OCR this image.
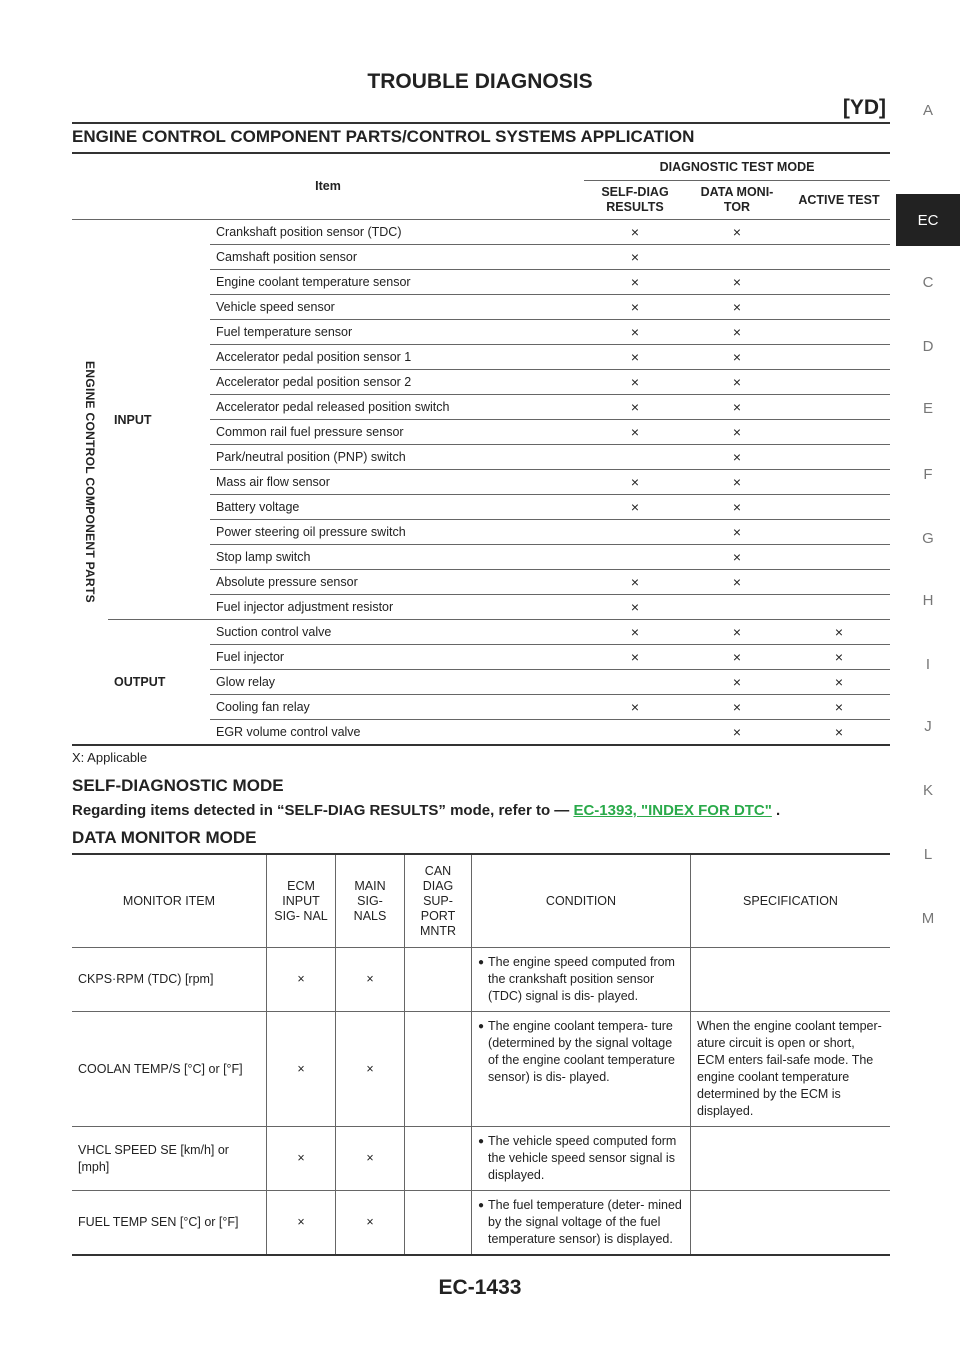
TROUBLE DIAGNOSIS
[YD]	A
EC
C
D
E
F
G
H
I
J
K
L
M
ENGINE CONTROL COMPONENT PARTS/CONTROL SYSTEMS APPLICATION
Item			DIAGNOSTIC TEST MODE		
			SELF-DIAG RESULTS	DATA MONI- TOR	ACTIVE TEST

ENGINE CONTROL COMPONENT PARTS	INPUT	Crankshaft position sensor (TDC)	×	×	
		Camshaft position sensor	×		
		Engine coolant temperature sensor	×	×	
		Vehicle speed sensor	×	×	
		Fuel temperature sensor	×	×	
		Accelerator pedal position sensor 1	×	×	
		Accelerator pedal position sensor 2	×	×	
		Accelerator pedal released position switch	×	×	
		Common rail fuel pressure sensor	×	×	
		Park/neutral position (PNP) switch		×	
		Mass air flow sensor	×	×	
		Battery voltage	×	×	
		Power steering oil pressure switch		×	
		Stop lamp switch		×	
		Absolute pressure sensor	×	×	
		Fuel injector adjustment resistor	×		
	OUTPUT	Suction control valve	×	×	×
		Fuel injector	×	×	×
		Glow relay		×	×
		Cooling fan relay	×	×	×
		EGR volume control valve		×	×
X: Applicable
SELF-DIAGNOSTIC MODE
Regarding items detected in “SELF-DIAG RESULTS” mode, refer to — EC-1393, "INDEX FOR DTC" .
DATA MONITOR MODE
MONITOR ITEM	ECM INPUT SIG- NAL	MAIN SIG- NALS	CAN DIAG SUP- PORT MNTR	CONDITION	SPECIFICATION
CKPS·RPM (TDC) [rpm]	×	×		● The engine speed computed from the crankshaft position sensor (TDC) signal is dis- played.	

COOLAN TEMP/S [°C] or [°F]	×	×		● The engine coolant tempera- ture (determined by the signal voltage of the engine coolant temperature sensor) is dis- played.	When the engine coolant temper- ature circuit is open or short, ECM enters fail-safe mode. The engine coolant temperature determined by the ECM is displayed.
VHCL SPEED SE [km/h] or [mph]	×	×		● The vehicle speed computed form the vehicle speed sensor signal is displayed.	

FUEL TEMP SEN [°C] or [°F]	×	×		● The fuel temperature (deter- mined by the signal voltage of the fuel temperature sensor) is displayed.	

EC-1433
